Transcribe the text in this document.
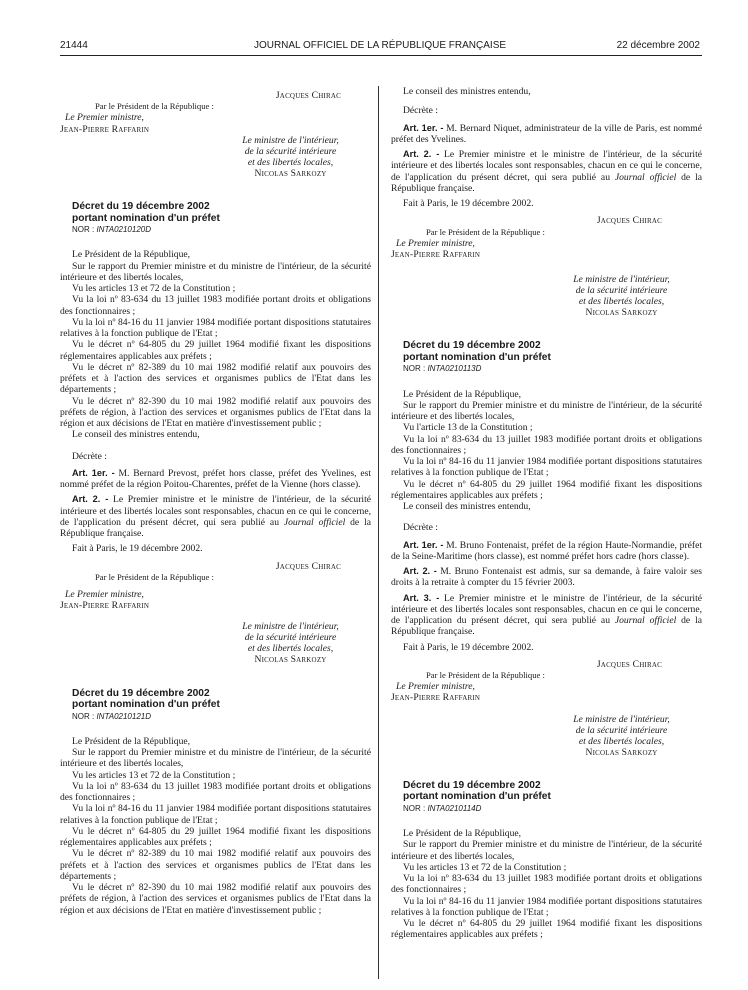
21444	JOURNAL OFFICIEL DE LA RÉPUBLIQUE FRANÇAISE	22 décembre 2002
Jacques Chirac
Par le Président de la République :
Le Premier ministre,
Jean-Pierre Raffarin
Le ministre de l'intérieur,
de la sécurité intérieure
et des libertés locales,
Nicolas Sarkozy

Décret du 19 décembre 2002

portant nomination d'un préfet

NOR : INTA0210120D

Le Président de la République,

Sur le rapport du Premier ministre et du ministre de l'intérieur, de la sécurité intérieure et des libertés locales,

Vu les articles 13 et 72 de la Constitution ;

Vu la loi nº 83-634 du 13 juillet 1983 modifiée portant droits et obligations des fonctionnaires ;

Vu la loi nº 84-16 du 11 janvier 1984 modifiée portant dispositions statutaires relatives à la fonction publique de l'Etat ;

Vu le décret nº 64-805 du 29 juillet 1964 modifié fixant les dispositions réglementaires applicables aux préfets ;

Vu le décret nº 82-389 du 10 mai 1982 modifié relatif aux pouvoirs des préfets et à l'action des services et organismes publics de l'Etat dans les départements ;

Vu le décret nº 82-390 du 10 mai 1982 modifié relatif aux pouvoirs des préfets de région, à l'action des services et organismes publics de l'Etat dans la région et aux décisions de l'Etat en matière d'investissement public ;

Le conseil des ministres entendu,

Décrète :

Art. 1er. - M. Bernard Prevost, préfet hors classe, préfet des Yvelines, est nommé préfet de la région Poitou-Charentes, préfet de la Vienne (hors classe).

Art. 2. - Le Premier ministre et le ministre de l'intérieur, de la sécurité intérieure et des libertés locales sont responsables, chacun en ce qui le concerne, de l'application du présent décret, qui sera publié au Journal officiel de la République française.

Fait à Paris, le 19 décembre 2002.

Jacques Chirac
Par le Président de la République :
Le Premier ministre,
Jean-Pierre Raffarin
Le ministre de l'intérieur,
de la sécurité intérieure
et des libertés locales,
Nicolas Sarkozy

Décret du 19 décembre 2002

portant nomination d'un préfet

NOR : INTA0210121D

Le Président de la République,

Sur le rapport du Premier ministre et du ministre de l'intérieur, de la sécurité intérieure et des libertés locales,

Vu les articles 13 et 72 de la Constitution ;

Vu la loi nº 83-634 du 13 juillet 1983 modifiée portant droits et obligations des fonctionnaires ;

Vu la loi nº 84-16 du 11 janvier 1984 modifiée portant dispositions statutaires relatives à la fonction publique de l'Etat ;

Vu le décret nº 64-805 du 29 juillet 1964 modifié fixant les dispositions réglementaires applicables aux préfets ;

Vu le décret nº 82-389 du 10 mai 1982 modifié relatif aux pouvoirs des préfets et à l'action des services et organismes publics de l'Etat dans les départements ;

Vu le décret nº 82-390 du 10 mai 1982 modifié relatif aux pouvoirs des préfets de région, à l'action des services et organismes publics de l'Etat dans la région et aux décisions de l'Etat en matière d'investissement public ;

Le conseil des ministres entendu,

Décrète :

Art. 1er. - M. Bernard Niquet, administrateur de la ville de Paris, est nommé préfet des Yvelines.

Art. 2. - Le Premier ministre et le ministre de l'intérieur, de la sécurité intérieure et des libertés locales sont responsables, chacun en ce qui le concerne, de l'application du présent décret, qui sera publié au Journal officiel de la République française.

Fait à Paris, le 19 décembre 2002.

Jacques Chirac
Par le Président de la République :
Le Premier ministre,
Jean-Pierre Raffarin
Le ministre de l'intérieur,
de la sécurité intérieure
et des libertés locales,
Nicolas Sarkozy

Décret du 19 décembre 2002

portant nomination d'un préfet

NOR : INTA0210113D

Le Président de la République,

Sur le rapport du Premier ministre et du ministre de l'intérieur, de la sécurité intérieure et des libertés locales,

Vu l'article 13 de la Constitution ;

Vu la loi nº 83-634 du 13 juillet 1983 modifiée portant droits et obligations des fonctionnaires ;

Vu la loi nº 84-16 du 11 janvier 1984 modifiée portant dispositions statutaires relatives à la fonction publique de l'Etat ;

Vu le décret nº 64-805 du 29 juillet 1964 modifié fixant les dispositions réglementaires applicables aux préfets ;

Le conseil des ministres entendu,

Décrète :

Art. 1er. - M. Bruno Fontenaist, préfet de la région Haute-Normandie, préfet de la Seine-Maritime (hors classe), est nommé préfet hors cadre (hors classe).

Art. 2. - M. Bruno Fontenaist est admis, sur sa demande, à faire valoir ses droits à la retraite à compter du 15 février 2003.

Art. 3. - Le Premier ministre et le ministre de l'intérieur, de la sécurité intérieure et des libertés locales sont responsables, chacun en ce qui le concerne, de l'application du présent décret, qui sera publié au Journal officiel de la République française.

Fait à Paris, le 19 décembre 2002.

Jacques Chirac
Par le Président de la République :
Le Premier ministre,
Jean-Pierre Raffarin
Le ministre de l'intérieur,
de la sécurité intérieure
et des libertés locales,
Nicolas Sarkozy

Décret du 19 décembre 2002

portant nomination d'un préfet

NOR : INTA0210114D

Le Président de la République,

Sur le rapport du Premier ministre et du ministre de l'intérieur, de la sécurité intérieure et des libertés locales,

Vu les articles 13 et 72 de la Constitution ;

Vu la loi nº 83-634 du 13 juillet 1983 modifiée portant droits et obligations des fonctionnaires ;

Vu la loi nº 84-16 du 11 janvier 1984 modifiée portant dispositions statutaires relatives à la fonction publique de l'Etat ;

Vu le décret nº 64-805 du 29 juillet 1964 modifié fixant les dispositions réglementaires applicables aux préfets ;
